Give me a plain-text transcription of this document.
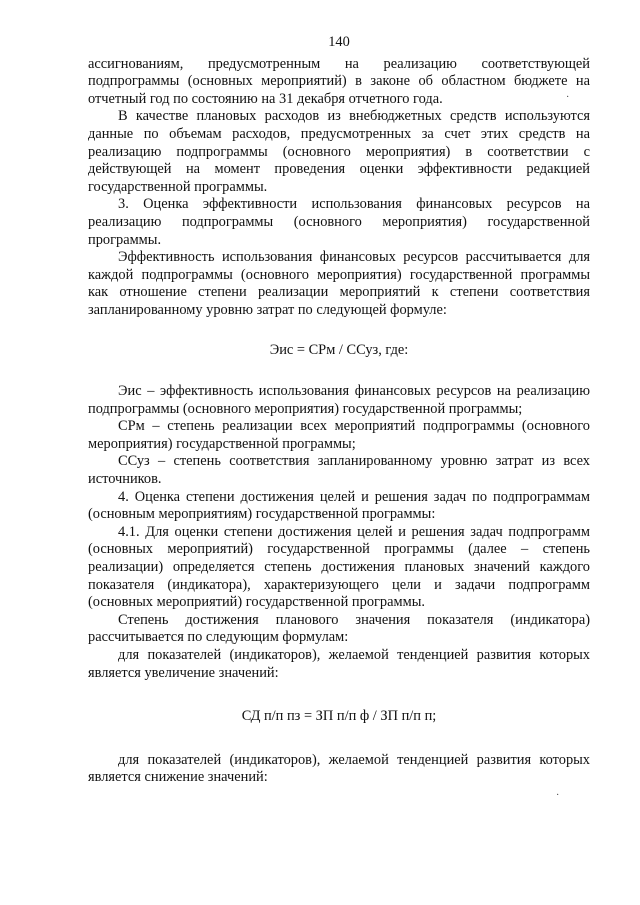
140

ассигнованиям, предусмотренным на реализацию соответствующей подпрограммы (основных мероприятий) в законе об областном бюджете на отчетный год по состоянию на 31 декабря отчетного года.

В качестве плановых расходов из внебюджетных средств используются данные по объемам расходов, предусмотренных за счет этих средств на реализацию подпрограммы (основного мероприятия) в соответствии с действующей на момент проведения оценки эффективности редакцией государственной программы.

3. Оценка эффективности использования финансовых ресурсов на реализацию подпрограммы (основного мероприятия) государственной программы.

Эффективность использования финансовых ресурсов рассчитывается для каждой подпрограммы (основного мероприятия) государственной программы как отношение степени реализации мероприятий к степени соответствия запланированному уровню затрат по следующей формуле:

Эис = СРм / ССуз, где:

Эис – эффективность использования финансовых ресурсов на реализацию подпрограммы (основного мероприятия) государственной программы;

СРм – степень реализации всех мероприятий подпрограммы (основного мероприятия) государственной программы;

ССуз – степень соответствия запланированному уровню затрат из всех источников.

4. Оценка степени достижения целей и решения задач по подпрограммам (основным мероприятиям) государственной программы:

4.1. Для оценки степени достижения целей и решения задач подпрограмм (основных мероприятий) государственной программы (далее – степень реализации) определяется степень достижения плановых значений каждого показателя (индикатора), характеризующего цели и задачи подпрограмм (основных мероприятий) государственной программы.

Степень достижения планового значения показателя (индикатора) рассчитывается по следующим формулам:

для показателей (индикаторов), желаемой тенденцией развития которых является увеличение значений:

СД п/п пз = ЗП п/п ф / ЗП п/п п;

для показателей (индикаторов), желаемой тенденцией развития которых является снижение значений:

·
·
